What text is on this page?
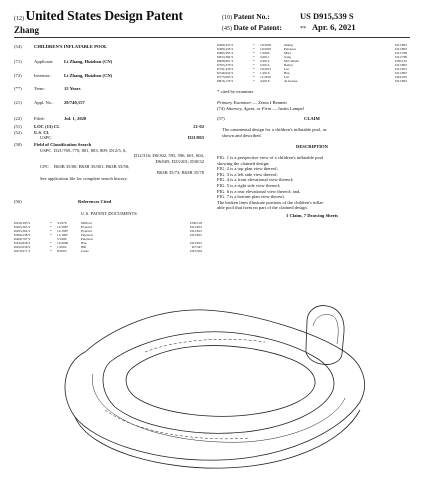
(12) United States Design Patent
Zhang
(10) Patent No.:	US D915,539 S
(45) Date of Patent:	** Apr. 6, 2021
(54)	CHILDREN'S INFLATABLE POOL
(71)	Applicant: Li Zhang, Huizhou (CN)
(72)	Inventor:	Li Zhang, Huizhou (CN)
(**)	Term:	15 Years
(21)	Appl. No.: 29/740,157
(22)	Filed:	Jul. 1, 2020
(51)	LOC (13) Cl.	21-02
(52)	U.S. Cl.
USPC	D21/803
(58)	Field of Classification Search
USPC D21/769–770, 801, 803, 809; D12/5, 6,
D12/316; D6/302, 595, 596, 601, 604,
D6/605; D23/201; D30/32
CPC B63B 35/00; B63B 35/001; B63B 35/58;
B63B 35/73; B63B 35/78
See application file for complete search history.
(56)	References Cited
U.S. PATENT DOCUMENTS
D230,393 S	* 3/1976	Milford	D30/118
D293,363 S	* 12/1987	Everard	D21/815
D293,364 S	* 12/1987	Everard	D21/815
D386,238 S	* 11/1997	Peterson	D21/815
D409,797 S	5/1999	Peterson
D434,826 S	* 12/2000	Hsu	D21/815
D452,636 S	* 1/2002	Hill	D7/347
D476,971 S	* 8/2003	Jones	D23/304
D480,435 S	* 10/2003	Zhang	D21/803
D480,436 S	* 10/2003	Peterson	D21/803
D485,593 S	* 1/2004	Maci	D21/769
D634,384 S	* 3/2011	Song	D21/769
D699,901 S	* 2/2014	McCallum	D30/132
D705,376 S	* 5/2014	Ruboy	D21/803
D741,436 S	* 10/2015	Liu	D21/815
D746,934 S	* 1/2016	Hsu	D21/803
D775,063 S	* 11/2016	Liu	D24/205
D816,179 S	* 4/2018	de Grasse	D21/803
* cited by examiner
Primary Examiner — Zenia I Bennett
(74) Attorney, Agent, or Firm — Justin Lampel
(57)	CLAIM
The ornamental design for a children's inflatable pool, as
shown and described.
DESCRIPTION
FIG. 1 is a perspective view of a children's inflatable pool
showing the claimed design;
FIG. 2 is a top plan view thereof;
FIG. 3 is a left side view thereof;
FIG. 4 is a front elevational view thereof;
FIG. 5 is a right side view thereof;
FIG. 6 is a rear elevational view thereof; and,
FIG. 7 is a bottom plan view thereof.
The broken lines illustrate portions of the children's inflat-
able pool that form no part of the claimed design.
1 Claim, 7 Drawing Sheets
